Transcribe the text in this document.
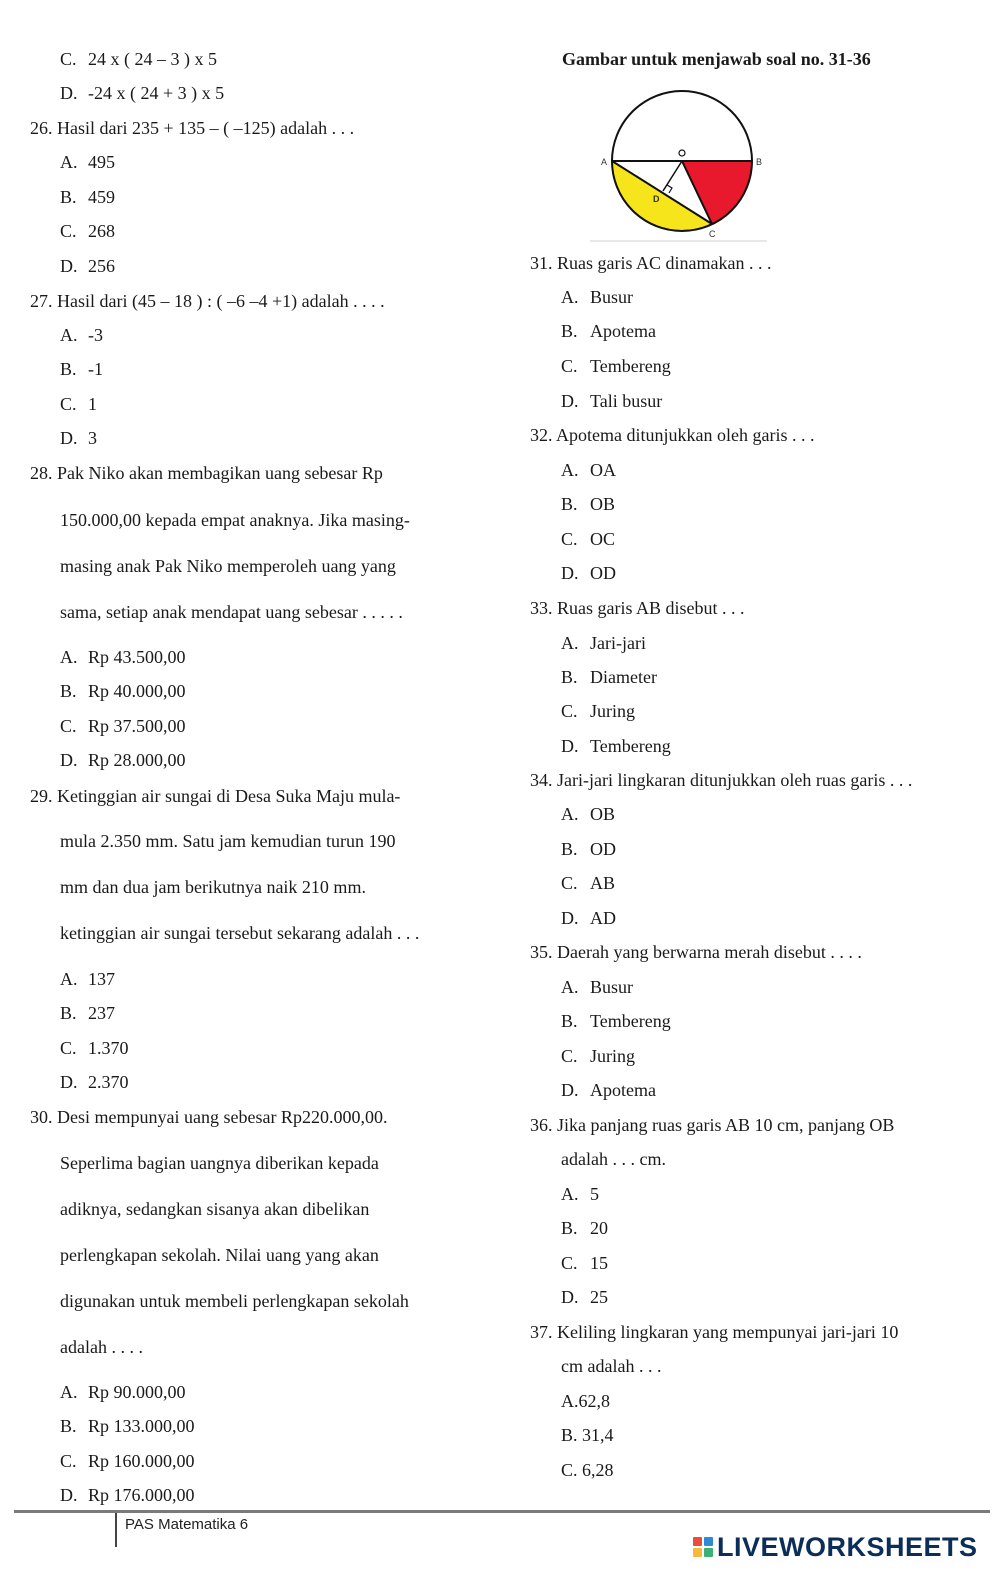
C. 24 x ( 24 – 3 ) x 5
D. -24 x ( 24 + 3 ) x 5
26. Hasil dari 235 + 135 – ( –125) adalah . . .
A. 495
B. 459
C. 268
D. 256
27. Hasil dari (45 – 18 ) : ( –6 –4 +1) adalah . . . .
A. -3
B. -1
C. 1
D. 3
28. Pak Niko akan membagikan uang sebesar Rp
150.000,00 kepada empat anaknya. Jika masing-
masing anak Pak Niko memperoleh uang yang
sama, setiap anak mendapat uang sebesar . . . . .
A. Rp 43.500,00
B. Rp 40.000,00
C. Rp 37.500,00
D. Rp 28.000,00
29. Ketinggian air sungai di Desa Suka Maju mula-
mula 2.350 mm. Satu jam kemudian turun 190
mm dan dua jam berikutnya naik 210 mm.
ketinggian air sungai tersebut sekarang adalah . . .
A. 137
B. 237
C. 1.370
D. 2.370
30. Desi mempunyai uang sebesar Rp220.000,00.
Seperlima bagian uangnya diberikan kepada
adiknya, sedangkan sisanya akan dibelikan
perlengkapan sekolah. Nilai uang yang akan
digunakan untuk membeli perlengkapan sekolah
adalah . . . .
A. Rp 90.000,00
B. Rp 133.000,00
C. Rp 160.000,00
D. Rp 176.000,00
Gambar untuk menjawab soal no. 31-36
A	B
C
D
31. Ruas garis AC dinamakan . . .
A. Busur
B. Apotema
C. Tembereng
D. Tali busur
32. Apotema ditunjukkan oleh garis . . .
A. OA
B. OB
C. OC
D. OD
33. Ruas garis AB disebut . . .
A. Jari-jari
B. Diameter
C. Juring
D. Tembereng
34. Jari-jari lingkaran ditunjukkan oleh ruas garis . . .
A. OB
B. OD
C. AB
D. AD
35. Daerah yang berwarna merah disebut . . . .
A. Busur
B. Tembereng
C. Juring
D. Apotema
36. Jika panjang ruas garis AB 10 cm, panjang OB
adalah . . . cm.
A. 5
B. 20
C. 15
D. 25
37. Keliling lingkaran yang mempunyai jari-jari 10
cm adalah . . .
A.62,8
B. 31,4
C. 6,28
PAS Matematika 6
LIVEWORKSHEETS
